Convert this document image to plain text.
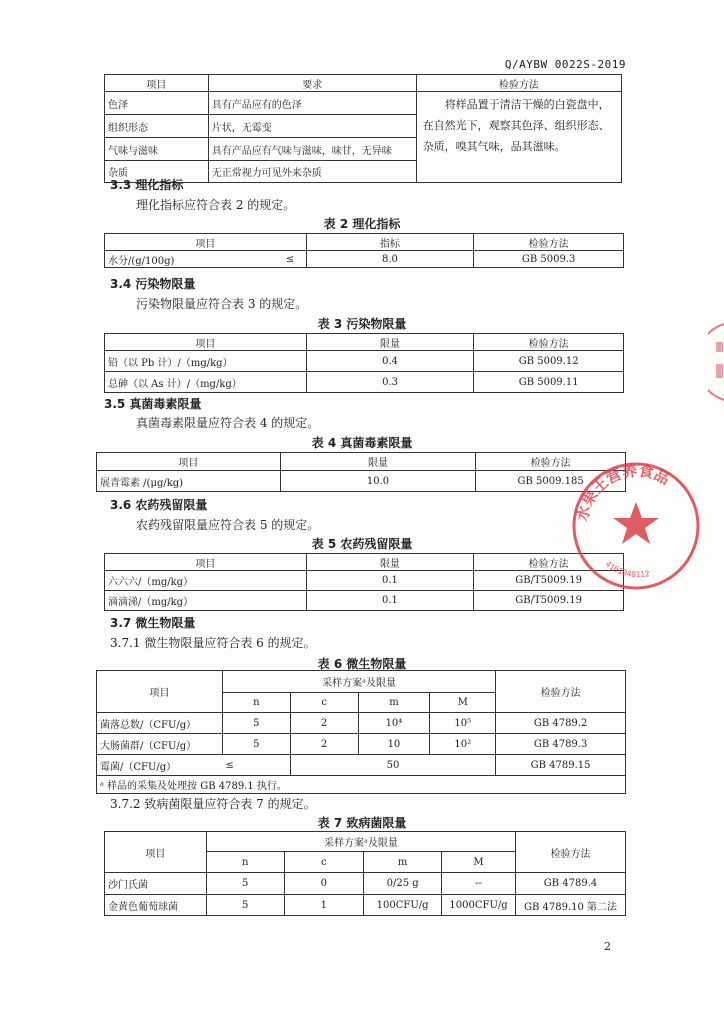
Q/AYBW 0022S-2019
项目	要求	检验方法
色泽	具有产品应有的色泽	将样品置于清洁干燥的白瓷盘中，在自然光下，观察其色泽、组织形态、杂质，嗅其气味，品其滋味。
组织形态	片状，无霉变	
气味与滋味	具有产品应有气味与滋味，味甘，无异味	
杂质	无正常视力可见外来杂质	
3.3 理化指标
理化指标应符合表 2 的规定。
表 2 理化指标
项目		指标	检验方法
水分/(g/100g)	≤	8.0	GB 5009.3
3.4 污染物限量
污染物限量应符合表 3 的规定。
表 3 污染物限量
项目	限量	检验方法
铅（以 Pb 计）/（mg/kg）	0.4	GB 5009.12
总砷（以 As 计）/（mg/kg）	0.3	GB 5009.11
3.5 真菌毒素限量
真菌毒素限量应符合表 4 的规定。
表 4 真菌毒素限量
项目	限量	检验方法
展青霉素 /(μg/kg)	10.0	GB 5009.185
3.6 农药残留限量
农药残留限量应符合表 5 的规定。
表 5 农药残留限量
项目	限量	检验方法
六六六/（mg/kg）	0.1	GB/T5009.19
滴滴涕/（mg/kg）	0.1	GB/T5009.19
3.7 微生物限量
3.7.1 微生物限量应符合表 6 的规定。
表 6 微生物限量
项目	采样方案ᵃ及限量				检验方法
	n	c	m	M	
菌落总数/（CFU/g）	5	2	10⁴	10⁵	GB 4789.2
大肠菌群/（CFU/g）	5	2	10	10²	GB 4789.3
霉菌/（CFU/g）	≤	50			GB 4789.15
ᵃ 样品的采集及处理按 GB 4789.1 执行。					
3.7.2 致病菌限量应符合表 7 的规定。
表 7 致病菌限量
项目	采样方案ᵃ及限量				检验方法
	n	c	m	M	
沙门氏菌	5	0	0/25 g	--	GB 4789.4
金黄色葡萄球菌	5	1	100CFU/g	1000CFU/g	GB 4789.10 第二法
2
水果王营养食品
4101040112
